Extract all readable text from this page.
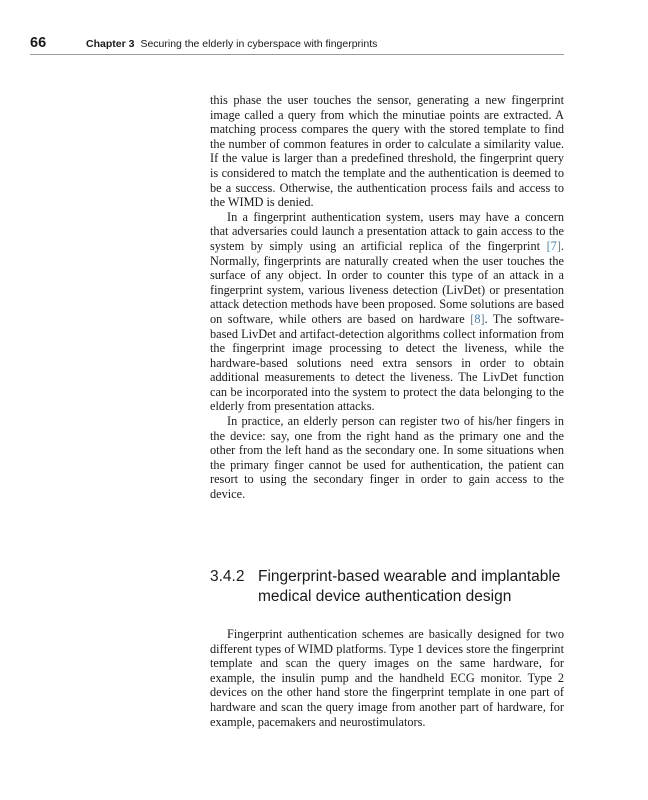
66	Chapter 3 Securing the elderly in cyberspace with fingerprints

this phase the user touches the sensor, generating a new fingerprint image called a query from which the minutiae points are extracted. A matching process compares the query with the stored template to find the number of common features in order to calculate a similarity value. If the value is larger than a predefined threshold, the fingerprint query is considered to match the template and the authentication is deemed to be a success. Otherwise, the authentication process fails and access to the WIMD is denied.

In a fingerprint authentication system, users may have a concern that adversaries could launch a presentation attack to gain access to the system by simply using an artificial replica of the fingerprint [7]. Normally, fingerprints are naturally created when the user touches the surface of any object. In order to counter this type of an attack in a fingerprint system, various liveness detection (LivDet) or presentation attack detection methods have been proposed. Some solutions are based on software, while others are based on hardware [8]. The software-based LivDet and artifact-detection algorithms collect information from the fingerprint image processing to detect the liveness, while the hardware-based solutions need extra sensors in order to obtain additional measurements to detect the liveness. The LivDet function can be incorporated into the system to protect the data belonging to the elderly from presentation attacks.

In practice, an elderly person can register two of his/her fingers in the device: say, one from the right hand as the primary one and the other from the left hand as the secondary one. In some situations when the primary finger cannot be used for authentication, the patient can resort to using the secondary finger in order to gain access to the device.

3.4.2 Fingerprint-based wearable and implantable medical device authentication design

Fingerprint authentication schemes are basically designed for two different types of WIMD platforms. Type 1 devices store the fingerprint template and scan the query images on the same hardware, for example, the insulin pump and the handheld ECG monitor. Type 2 devices on the other hand store the fingerprint template in one part of hardware and scan the query image from another part of hardware, for example, pacemakers and neurostimulators.
